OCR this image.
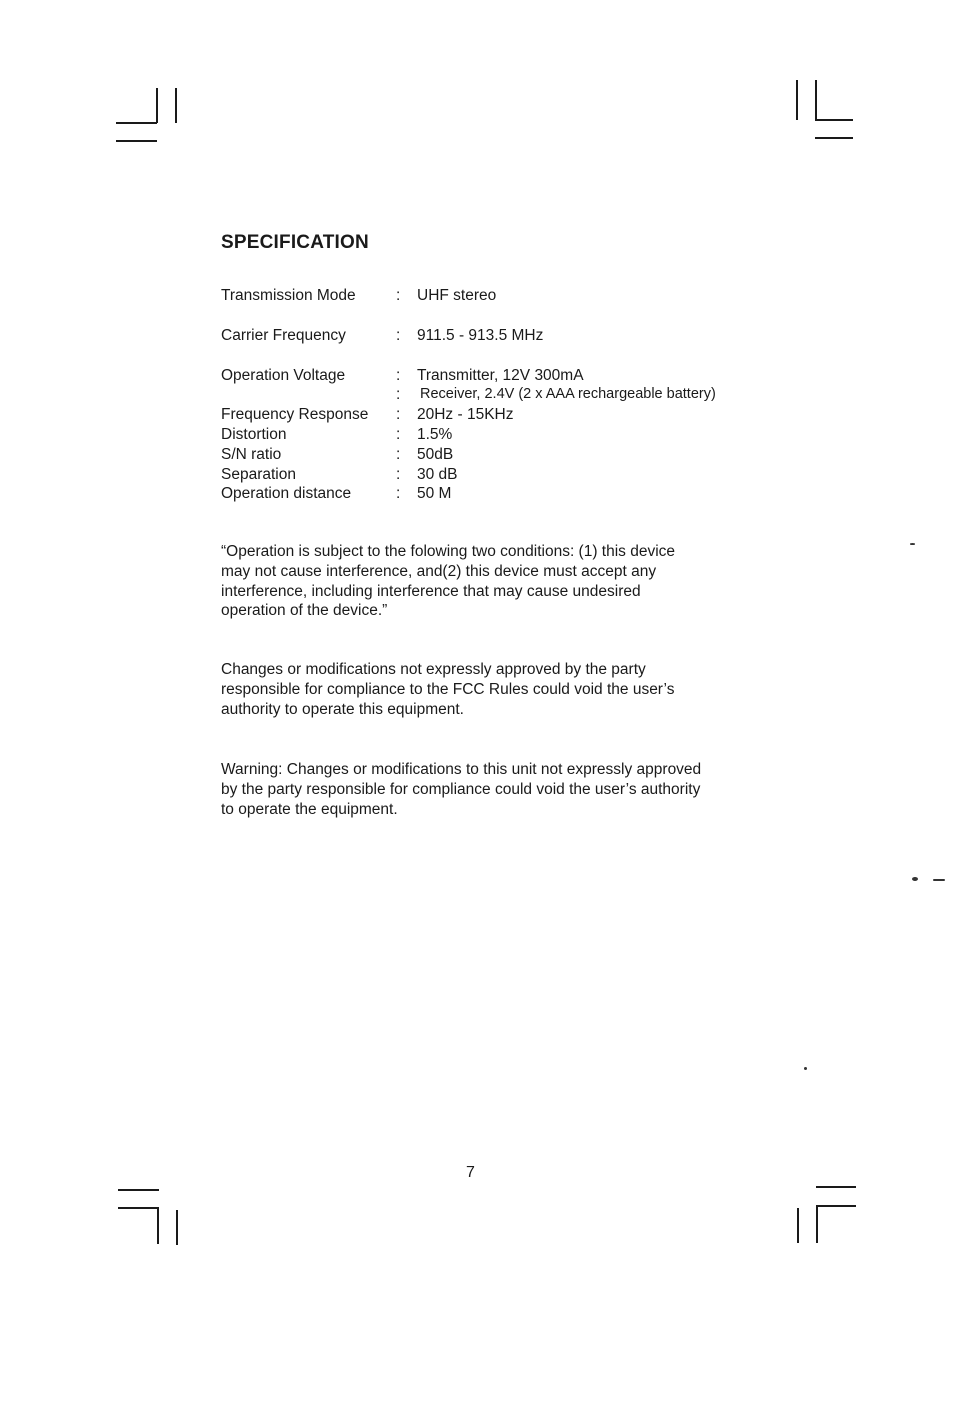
SPECIFICATION
Transmission Mode	: UHF stereo
Carrier Frequency	: 911.5 - 913.5 MHz
Operation Voltage	: Transmitter, 12V 300mA
: Receiver, 2.4V (2 x AAA rechargeable battery)
Frequency Response : 20Hz - 15KHz
Distortion	: 1.5%
S/N ratio	: 50dB
Separation	: 30 dB
Operation distance	: 50 M

“Operation is subject to the folowing two conditions: (1) this device
may not cause interference, and(2) this device must accept any
interference, including interference that may cause undesired
operation of the device.”

Changes or modifications not expressly approved by the party
responsible for compliance to the FCC Rules could void the user’s
authority to operate this equipment.

Warning: Changes or modifications to this unit not expressly approved
by the party responsible for compliance could void the user’s authority
to operate the equipment.

7
